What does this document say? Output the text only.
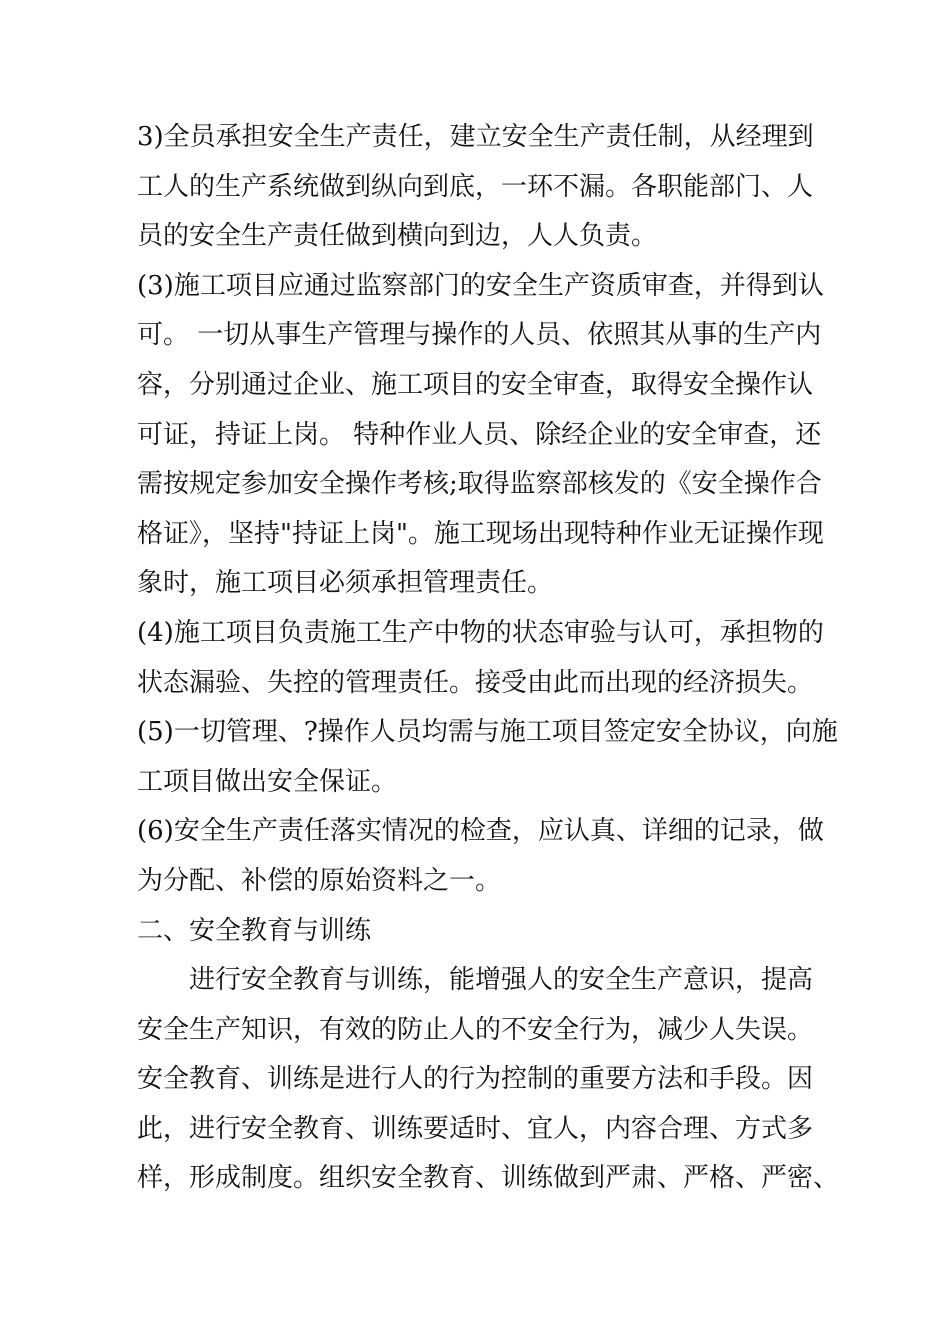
3)全员承担安全生产责任，建立安全生产责任制，从经理到
工人的生产系统做到纵向到底，一环不漏。各职能部门、人
员的安全生产责任做到横向到边，人人负责。
(3)施工项目应通过监察部门的安全生产资质审查，并得到认
可。 一切从事生产管理与操作的人员、依照其从事的生产内
容，分别通过企业、施工项目的安全审查，取得安全操作认
可证，持证上岗。 特种作业人员、除经企业的安全审查，还
需按规定参加安全操作考核;取得监察部核发的《安全操作合
格证》，坚持"持证上岗"。施工现场出现特种作业无证操作现
象时，施工项目必须承担管理责任。
(4)施工项目负责施工生产中物的状态审验与认可，承担物的
状态漏验、失控的管理责任。接受由此而出现的经济损失。
(5)一切管理、?操作人员均需与施工项目签定安全协议，向施
工项目做出安全保证。
(6)安全生产责任落实情况的检查，应认真、详细的记录，做
为分配、补偿的原始资料之一。
二、安全教育与训练
进行安全教育与训练，能增强人的安全生产意识，提高
安全生产知识，有效的防止人的不安全行为，减少人失误。
安全教育、训练是进行人的行为控制的重要方法和手段。因
此，进行安全教育、训练要适时、宜人，内容合理、方式多
样，形成制度。组织安全教育、训练做到严肃、严格、严密、
